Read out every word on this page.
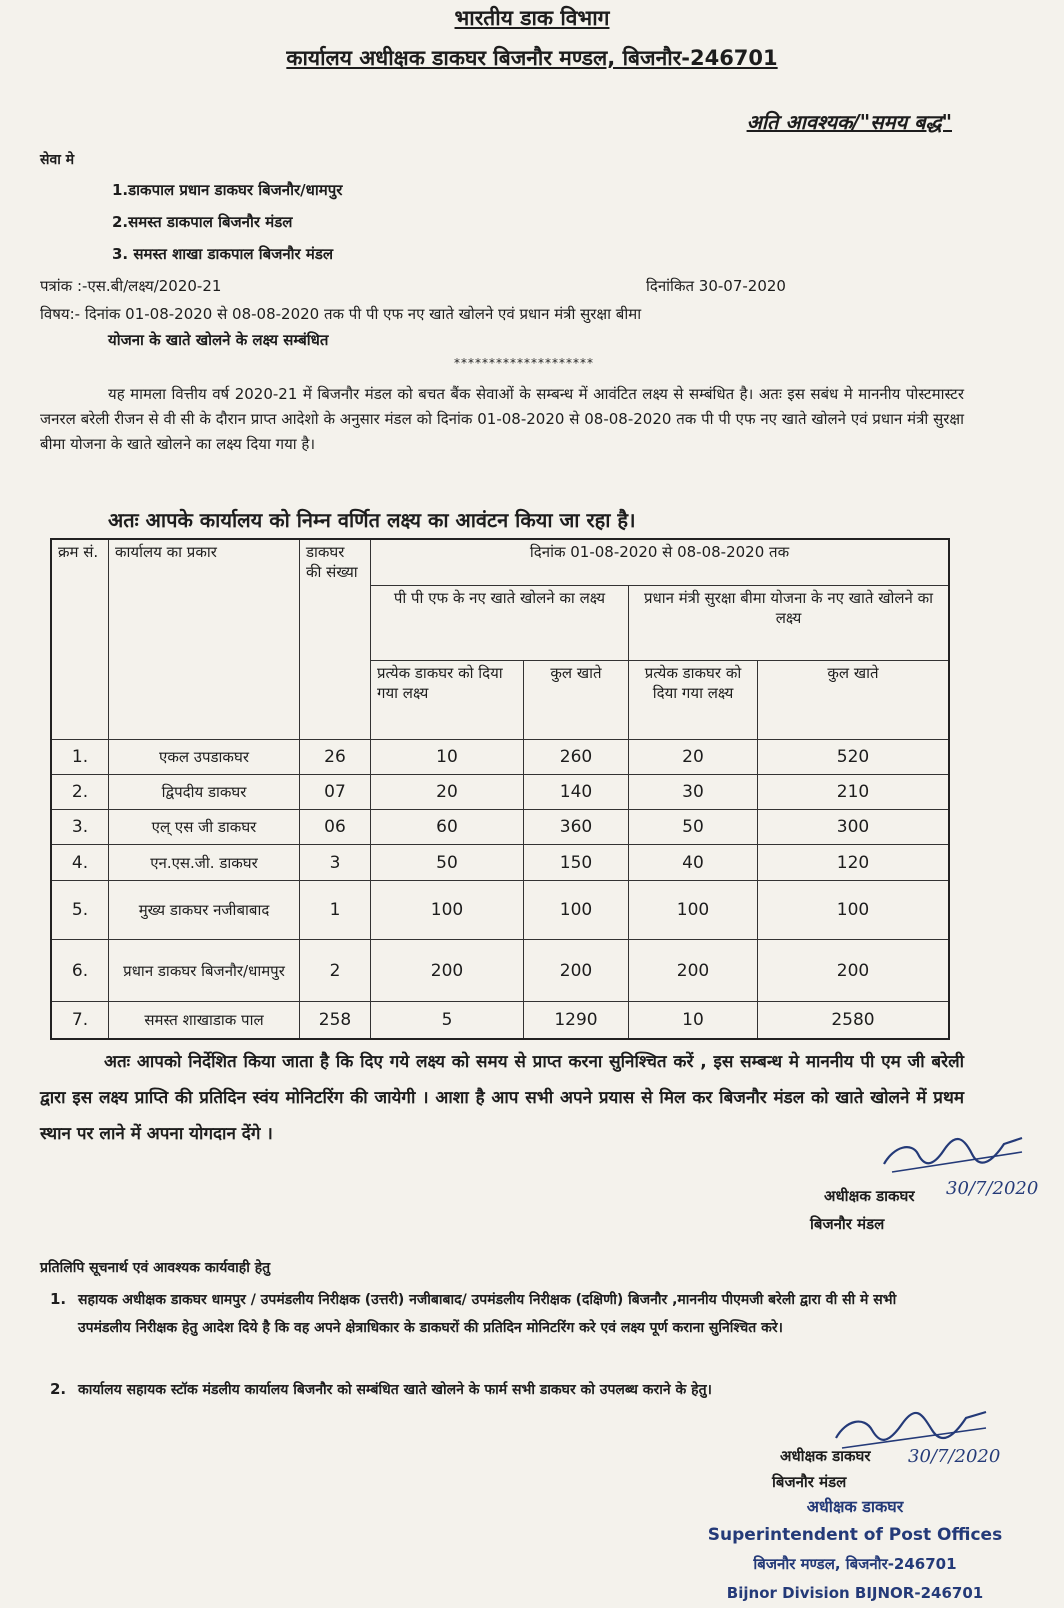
भारतीय डाक विभाग
कार्यालय अधीक्षक डाकघर बिजनौर मण्डल, बिजनौर-246701
अति आवश्यक/"समय बद्ध"
सेवा मे
1.डाकपाल प्रधान डाकघर बिजनौर/धामपुर
2.समस्त डाकपाल बिजनौर मंडल
3. समस्त शाखा डाकपाल बिजनौर मंडल
पत्रांक :-एस.बी/लक्ष्य/2020-21	दिनांकित 30-07-2020
विषय:- दिनांक 01-08-2020 से 08-08-2020 तक पी पी एफ नए खाते खोलने एवं प्रधान मंत्री सुरक्षा बीमा
योजना के खाते खोलने के लक्ष्य सम्बंधित
********************
यह मामला वित्तीय वर्ष 2020-21 में बिजनौर मंडल को बचत बैंक सेवाओं के सम्बन्ध में आवंटित लक्ष्य से सम्बंधित है। अतः इस सबंध मे माननीय पोस्टमास्टर जनरल बरेली रीजन से वी सी के दौरान प्राप्त आदेशो के अनुसार मंडल को दिनांक 01-08-2020 से 08-08-2020 तक पी पी एफ नए खाते खोलने एवं प्रधान मंत्री सुरक्षा बीमा योजना के खाते खोलने का लक्ष्य दिया गया है।
अतः आपके कार्यालय को निम्न वर्णित लक्ष्य का आवंटन किया जा रहा है।
क्रम सं.	कार्यालय का प्रकार	डाकघर की संख्या	दिनांक 01-08-2020 से 08-08-2020 तक			
			पी पी एफ के नए खाते खोलने का लक्ष्य		प्रधान मंत्री सुरक्षा बीमा योजना के नए खाते खोलने का लक्ष्य	
			प्रत्येक डाकघर को दिया गया लक्ष्य	कुल खाते	प्रत्येक डाकघर को दिया गया लक्ष्य	कुल खाते
1.	एकल उपडाकघर	26	10	260	20	520
2.	द्विपदीय डाकघर	07	20	140	30	210
3.	एल् एस जी डाकघर	06	60	360	50	300
4.	एन.एस.जी. डाकघर	3	50	150	40	120
5.	मुख्य डाकघर नजीबाबाद	1	100	100	100	100
6.	प्रधान डाकघर बिजनौर/धामपुर	2	200	200	200	200
7.	समस्त शाखाडाक पाल	258	5	1290	10	2580
अतः आपको निर्देशित किया जाता है कि दिए गये लक्ष्य को समय से प्राप्त करना सुनिश्चित करें , इस सम्बन्ध मे माननीय पी एम जी बरेली द्वारा इस लक्ष्य प्राप्ति की प्रतिदिन स्वंय मोनिटरिंग की जायेगी । आशा है आप सभी अपने प्रयास से मिल कर बिजनौर मंडल को खाते खोलने में प्रथम स्थान पर लाने में अपना योगदान देंगे ।
30/7/2020
अधीक्षक डाकघर
बिजनौर मंडल
प्रतिलिपि सूचनार्थ एवं आवश्यक कार्यवाही हेतु
1. सहायक अधीक्षक डाकघर धामपुर / उपमंडलीय निरीक्षक (उत्तरी) नजीबाबाद/ उपमंडलीय निरीक्षक (दक्षिणी) बिजनौर ,माननीय पीएमजी बरेली द्वारा वी सी मे सभी उपमंडलीय निरीक्षक हेतु आदेश दिये है कि वह अपने क्षेत्राधिकार के डाकघरों की प्रतिदिन मोनिटरिंग करे एवं लक्ष्य पूर्ण कराना सुनिश्चित करे।
2. कार्यालय सहायक स्टॉक मंडलीय कार्यालय बिजनौर को सम्बंधित खाते खोलने के फार्म सभी डाकघर को उपलब्ध कराने के हेतु।
30/7/2020
अधीक्षक डाकघर
बिजनौर मंडल
अधीक्षक डाकघर
Superintendent of Post Offices
बिजनौर मण्डल, बिजनौर-246701
Bijnor Division BIJNOR-246701
